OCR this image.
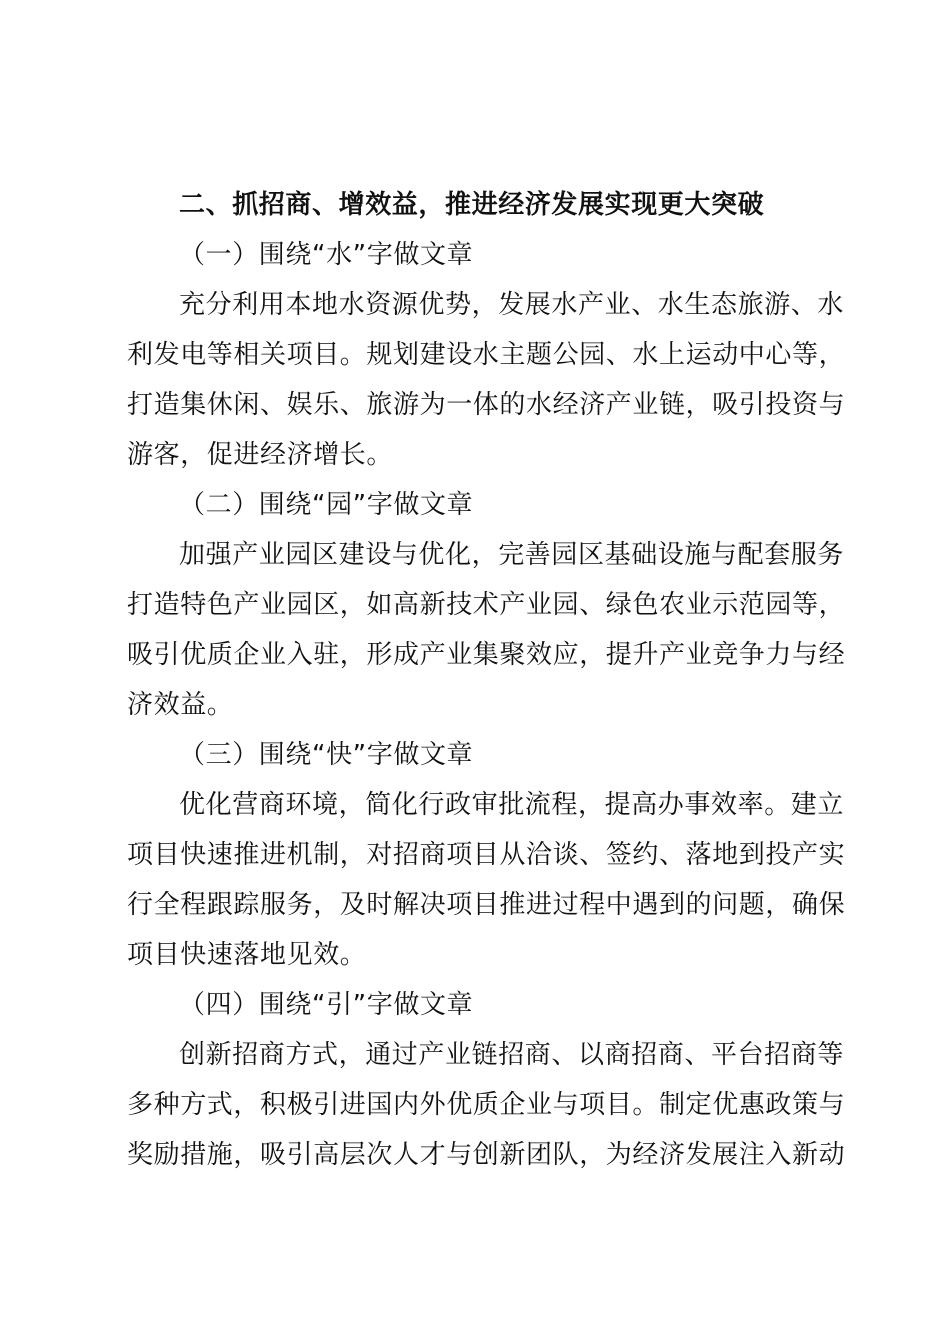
二、抓招商、增效益，推进经济发展实现更大突破
（一）围绕“水”字做文章
充分利用本地水资源优势，发展水产业、水生态旅游、水
利发电等相关项目。规划建设水主题公园、水上运动中心等，
打造集休闲、娱乐、旅游为一体的水经济产业链，吸引投资与
游客，促进经济增长。
（二）围绕“园”字做文章
加强产业园区建设与优化，完善园区基础设施与配套服务
打造特色产业园区，如高新技术产业园、绿色农业示范园等，
吸引优质企业入驻，形成产业集聚效应，提升产业竞争力与经
济效益。
（三）围绕“快”字做文章
优化营商环境，简化行政审批流程，提高办事效率。建立
项目快速推进机制，对招商项目从洽谈、签约、落地到投产实
行全程跟踪服务，及时解决项目推进过程中遇到的问题，确保
项目快速落地见效。
（四）围绕“引”字做文章
创新招商方式，通过产业链招商、以商招商、平台招商等
多种方式，积极引进国内外优质企业与项目。制定优惠政策与
奖励措施，吸引高层次人才与创新团队，为经济发展注入新动
